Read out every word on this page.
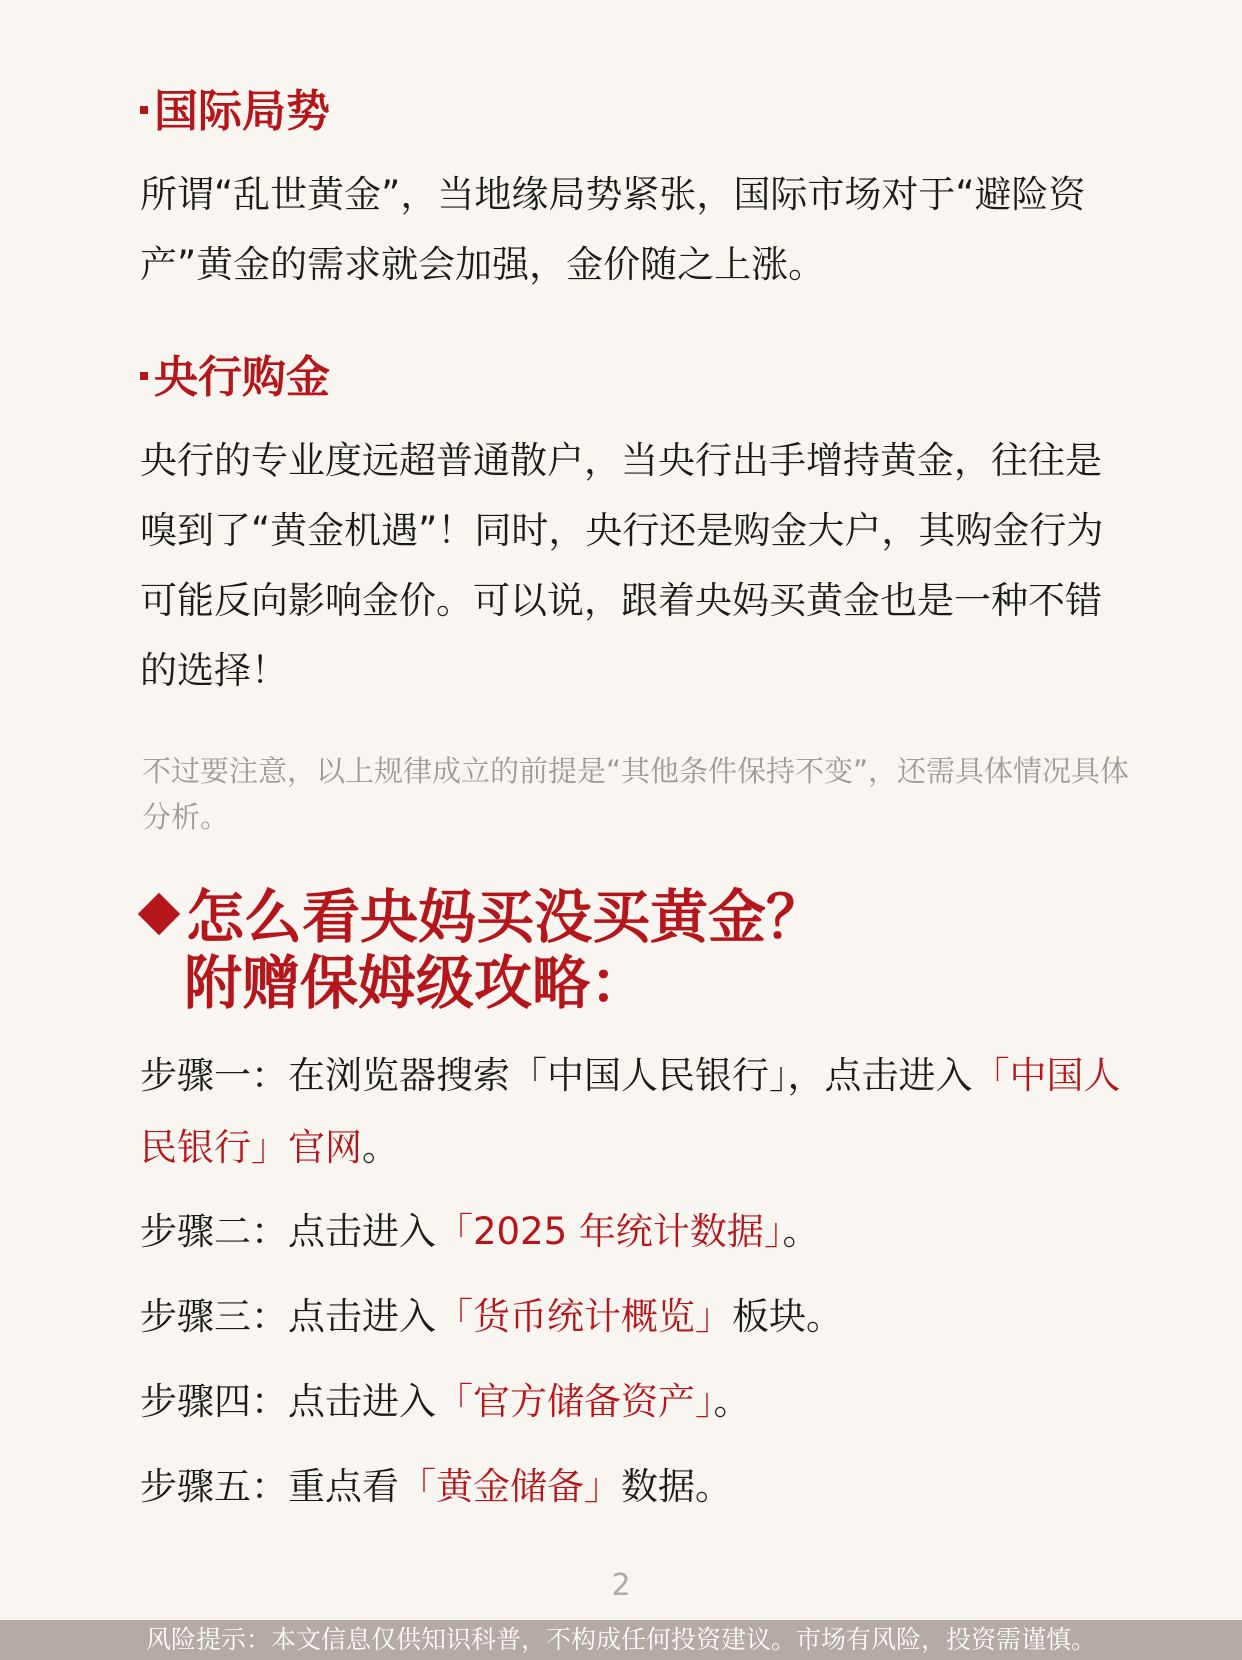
国际局势
所谓“乱世黄金”，当地缘局势紧张，国际市场对于“避险资产”黄金的需求就会加强，金价随之上涨。
央行购金
央行的专业度远超普通散户，当央行出手增持黄金，往往是嗅到了“黄金机遇”！同时，央行还是购金大户，其购金行为可能反向影响金价。可以说，跟着央妈买黄金也是一种不错的选择！
不过要注意，以上规律成立的前提是“其他条件保持不变”，还需具体情况具体分析。
怎么看央妈买没买黄金？
附赠保姆级攻略：
步骤一：在浏览器搜索「中国人民银行」，点击进入「中国人民银行」官网。
步骤二：点击进入「2025 年统计数据」。
步骤三：点击进入「货币统计概览」板块。
步骤四：点击进入「官方储备资产」。
步骤五：重点看「黄金储备」数据。
2
风险提示：本文信息仅供知识科普，不构成任何投资建议。市场有风险，投资需谨慎。
